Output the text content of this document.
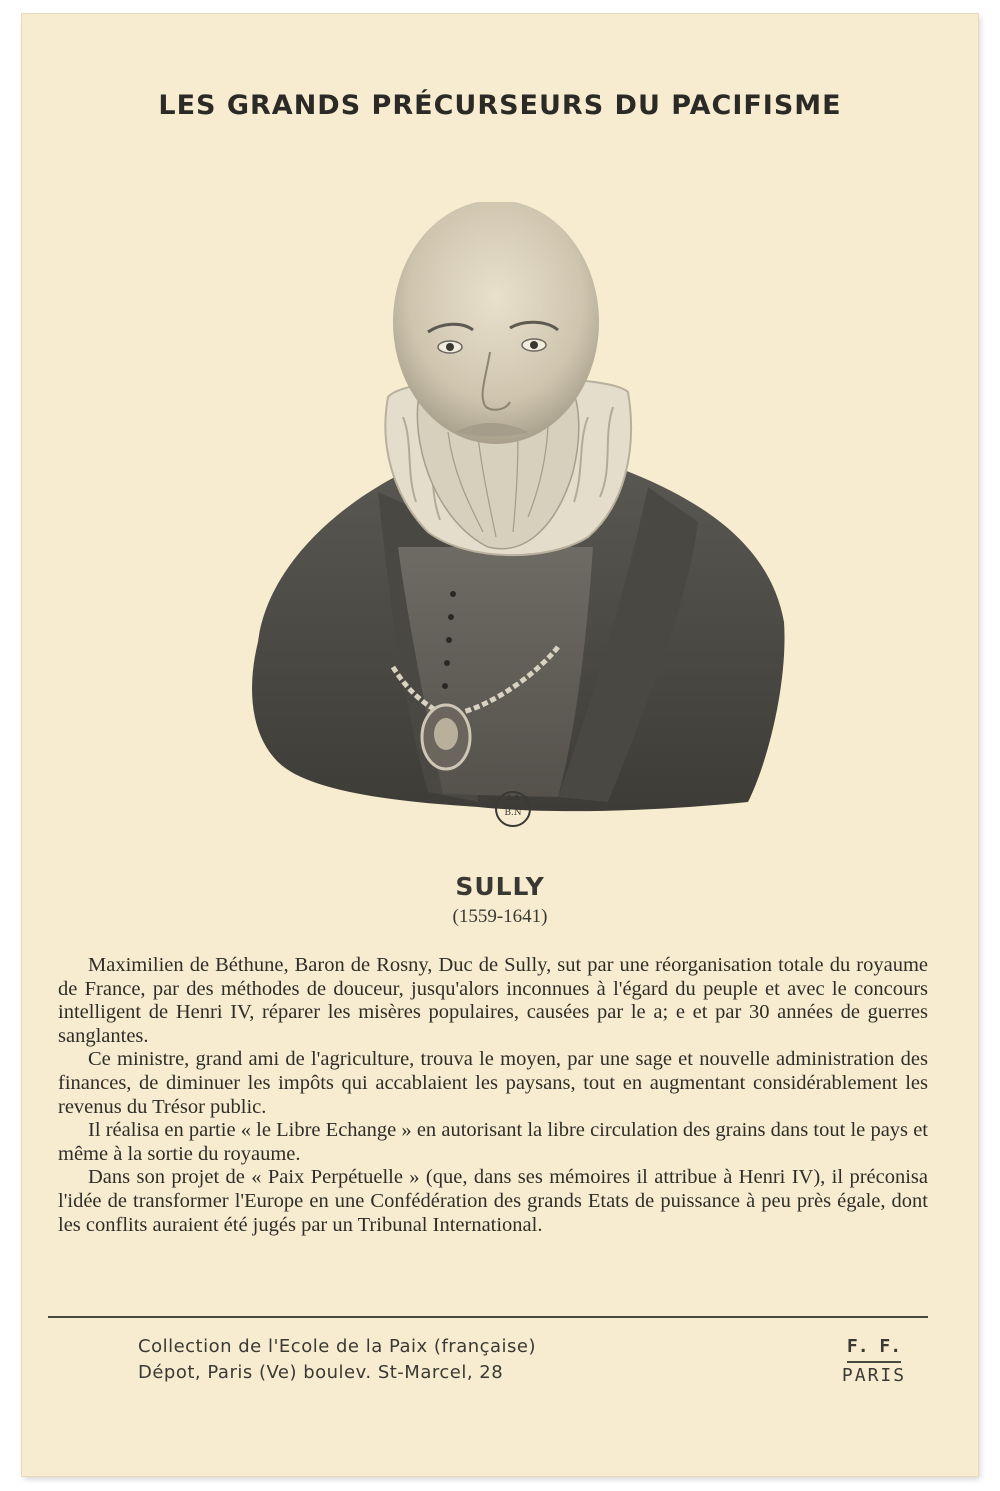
LES GRANDS PRÉCURSEURS DU PACIFISME
B.N
SULLY
(1559-1641)

Maximilien de Béthune, Baron de Rosny, Duc de Sully, sut par une réorganisation totale du royaume de France, par des méthodes de douceur, jusqu'alors inconnues à l'égard du peuple et avec le concours intelligent de Henri IV, réparer les misères populaires, causées par le a; e et par 30 années de guerres sanglantes.

Ce ministre, grand ami de l'agriculture, trouva le moyen, par une sage et nouvelle administration des finances, de diminuer les impôts qui accablaient les paysans, tout en augmentant considérablement les revenus du Trésor public.

Il réalisa en partie « le Libre Echange » en autorisant la libre circulation des grains dans tout le pays et même à la sortie du royaume.

Dans son projet de « Paix Perpétuelle » (que, dans ses mémoires il attribue à Henri IV), il préconisa l'idée de transformer l'Europe en une Confédération des grands Etats de puissance à peu près égale, dont les conflits auraient été jugés par un Tribunal International.

Collection de l'Ecole de la Paix (française)
Dépot, Paris (Ve) boulev. St-Marcel, 28
F. F.
PARIS
